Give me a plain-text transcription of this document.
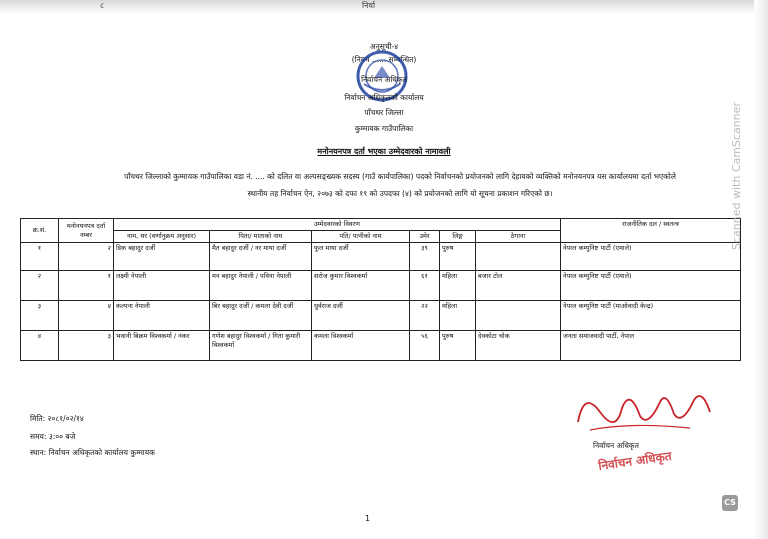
८	निर्वा
अनुसूची-४
(नियम ...... सम्बन्धित)
निर्वाचन अधिकृत
निर्वाचन अधिकृतको कार्यालय
पाँचथर जिल्ला
कुम्मायक गाउँपालिका
मनोनयनपत्र दर्ता भएका उम्मेदवारको नामावली
पाँचथर जिल्लाको कुम्मायक गाउँपालिका वडा नं. .... को दलित वा अल्पसङ्ख्यक सदस्य (गाउँ कार्यपालिका) पदको निर्वाचनको प्रयोजनको लागि देहायको व्यक्तिको मनोनयनपत्र यस कार्यालयमा दर्ता भएकोले स्थानीय तह निर्वाचन ऐन, २०७३ को दफा १९ को उपदफा (४) को प्रयोजनको लागि यो सूचना प्रकाशन गरिएको छ।
क्र.सं.	मनोनयनपत्र दर्ता नम्बर	उम्मेदवारको विवरण						राजनीतिक दल / स्वतन्त्र
		नाम, थर (वर्णानुक्रम अनुसार)	पिता/ माताको नाम	पति/ पत्नीको नाम	उमेर	लिङ्ग	ठेगाना	
१	२	डिक बहादुर दर्जी	मैत बहादुर दर्जी / नर माया दर्जी	फुल माया दर्जी	३९	पुरुष		नेपाल कम्युनिष्ट पार्टी (एमाले)
२	१	लक्ष्मी नेपाली	मन बहादुर नेपाली / पविना नेपाली	सरोज कुमार विश्वकर्मा	६१	महिला	बजार टोल	नेपाल कम्युनिष्ट पार्टी (एमाले)
३	४	कल्पना नेपाली	बिर बहादुर दर्जी / कमला देवी दर्जी	धुर्वराज दर्जी	२२	महिला		नेपाल कम्युनिष्ट पार्टी (माओवादी केन्द्र)
४	३	भवानी बिक्रम विश्वकर्मा / नंकर	गणेश बहादुर विश्वकर्मा / गिता कुमारी विश्वकर्मा	कमला विश्वकर्मा	५६	पुरुष	देवकोटा चोक	जनता समाजवादी पार्टी, नेपाल
मिति: २०८१/०२/१४
समय: ३:०० बजे
स्थान: निर्वाचन अधिकृतको कार्यालय कुम्मायक
निर्वाचन अधिकृत
निर्वाचन अधिकृत
Scanned with CamScanner
CS
1
